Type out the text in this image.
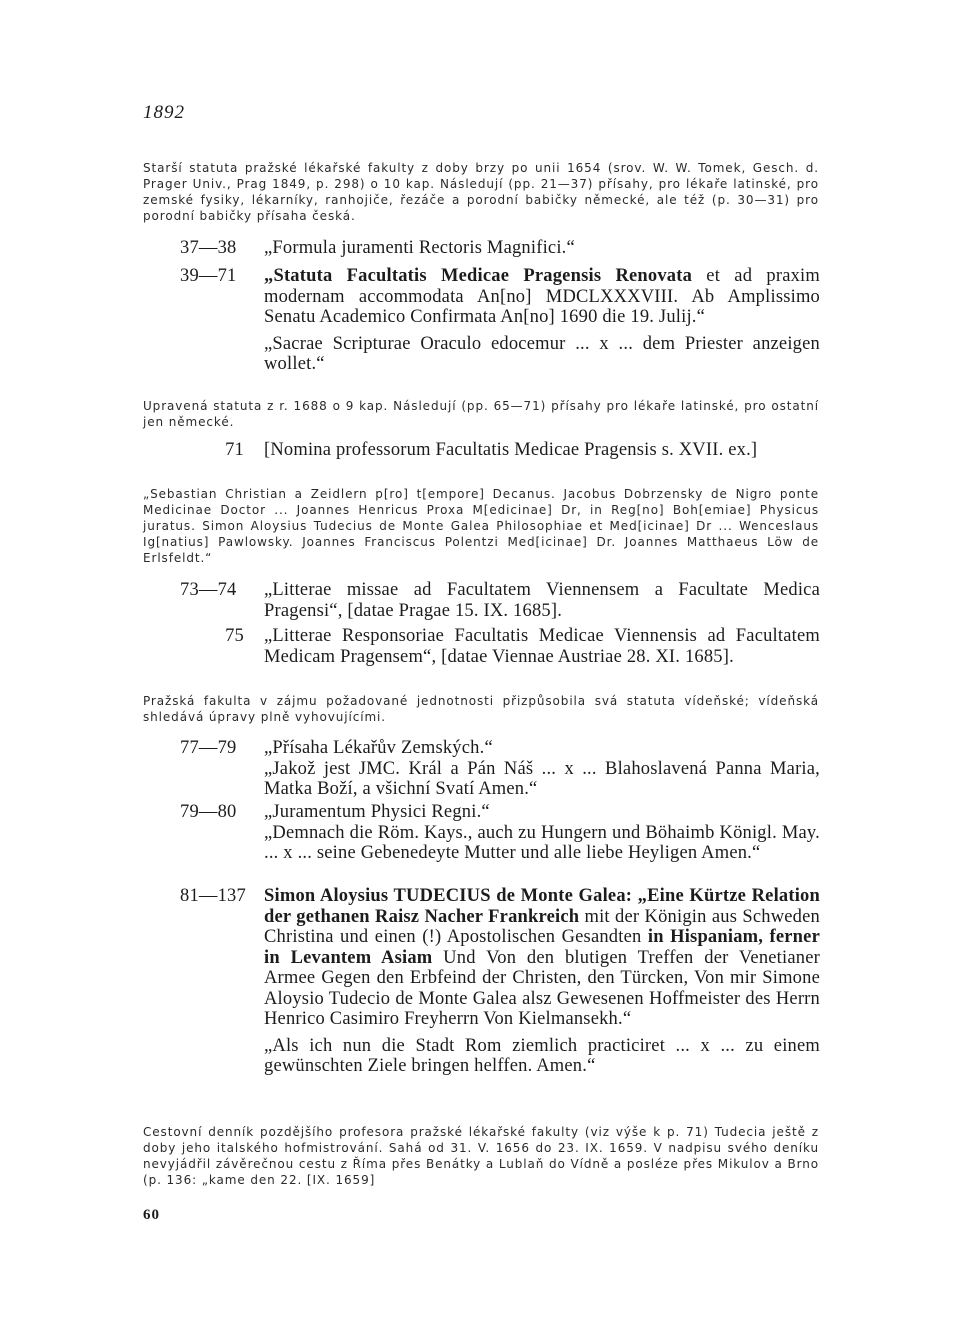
1892
Starší statuta pražské lékařské fakulty z doby brzy po unii 1654 (srov. W. W. Tomek, Gesch. d. Prager Univ., Prag 1849, p. 298) o 10 kap. Následují (pp. 21—37) přísahy, pro lékaře latinské, pro zemské fysiky, lékarníky, ranhojiče, řezáče a porodní babičky německé, ale též (p. 30—31) pro porodní babičky přísaha česká.
37—38	„Formula juramenti Rectoris Magnifici.“

39—71	„Statuta Facultatis Medicae Pragensis Renovata et ad praxim modernam accommodata An[no] MDCLXXXVIII. Ab Amplissimo Senatu Academico Confirmata An[no] 1690 die 19. Julij.“

„Sacrae Scripturae Oraculo edocemur ... x ... dem Priester anzeigen wollet.“

Upravená statuta z r. 1688 o 9 kap. Následují (pp. 65—71) přísahy pro lékaře latinské, pro ostatní jen německé.
71	[Nomina professorum Facultatis Medicae Pragensis s. XVII. ex.]

„Sebastian Christian a Zeidlern p[ro] t[empore] Decanus. Jacobus Dobrzensky de Nigro ponte Medicinae Doctor ... Joannes Henricus Proxa M[edicinae] Dr, in Reg[no] Boh[emiae] Physicus juratus. Simon Aloysius Tudecius de Monte Galea Philosophiae et Med[icinae] Dr ... Wenceslaus Ig[natius] Pawlowsky. Joannes Franciscus Polentzi Med[icinae] Dr. Joannes Matthaeus Löw de Erlsfeldt.“
73—74	„Litterae missae ad Facultatem Viennensem a Facultate Medica Pragensi“, [datae Pragae 15. IX. 1685].

75	„Litterae Responsoriae Facultatis Medicae Viennensis ad Facultatem Medicam Pragensem“, [datae Viennae Austriae 28. XI. 1685].

Pražská fakulta v zájmu požadované jednotnosti přizpůsobila svá statuta vídeňské; vídeňská shledává úpravy plně vyhovujícími.
77—79	„Přísaha Lékařův Zemských.“

„Jakož jest JMC. Král a Pán Náš ... x ... Blahoslavená Panna Maria, Matka Boží, a všichní Svatí Amen.“

79—80	„Juramentum Physici Regni.“

„Demnach die Röm. Kays., auch zu Hungern und Böhaimb Königl. May. ... x ... seine Gebenedeyte Mutter und alle liebe Heyligen Amen.“

81—137 Simon Aloysius TUDECIUS de Monte Galea: „Eine Kürtze Relation der gethanen Raisz Nacher Frankreich mit der Königin aus Schweden Christina und einen (!) Apostolischen Gesandten in Hispaniam, ferner in Levantem Asiam Und Von den blutigen Treffen der Venetianer Armee Gegen den Erbfeind der Christen, den Türcken, Von mir Simone Aloysio Tudecio de Monte Galea alsz Gewesenen Hoffmeister des Herrn Henrico Casimiro Freyherrn Von Kielmansekh.“

„Als ich nun die Stadt Rom ziemlich practiciret ... x ... zu einem gewünschten Ziele bringen helffen. Amen.“

Cestovní denník pozdějšího profesora pražské lékařské fakulty (viz výše k p. 71) Tudecia ještě z doby jeho italského hofmistrování. Sahá od 31. V. 1656 do 23. IX. 1659. V nadpisu svého deníku nevyjádřil závěrečnou cestu z Říma přes Benátky a Lublaň do Vídně a posléze přes Mikulov a Brno (p. 136: „kame den 22. [IX. 1659]
60
